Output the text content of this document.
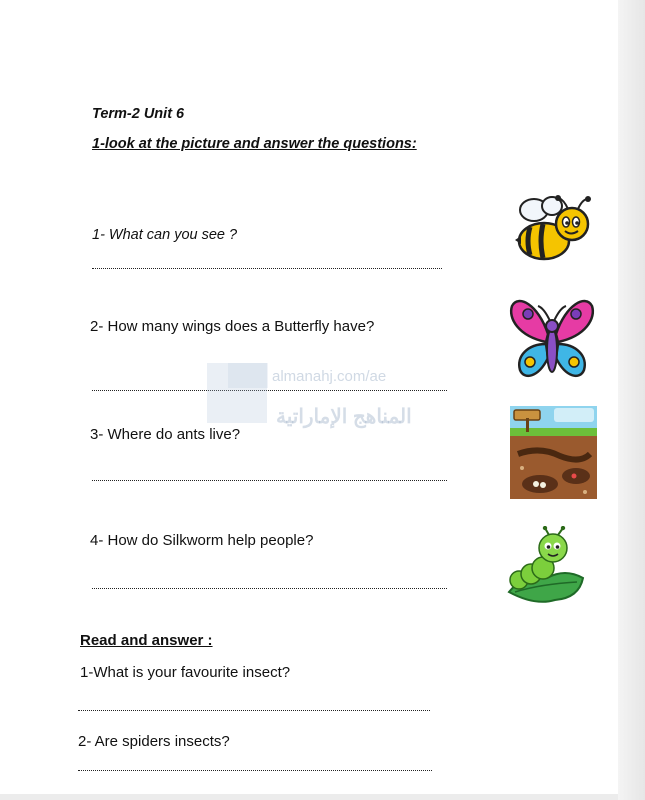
Term-2 Unit 6
1-look at the picture and answer the questions:
1- What can you see ?
2- How many wings does a Butterfly have?
almanahj.com/ae
المناهج الإماراتية
3- Where do ants live?
4- How do Silkworm help people?
Read and answer :
1-What is your favourite insect?
2- Are spiders insects?
